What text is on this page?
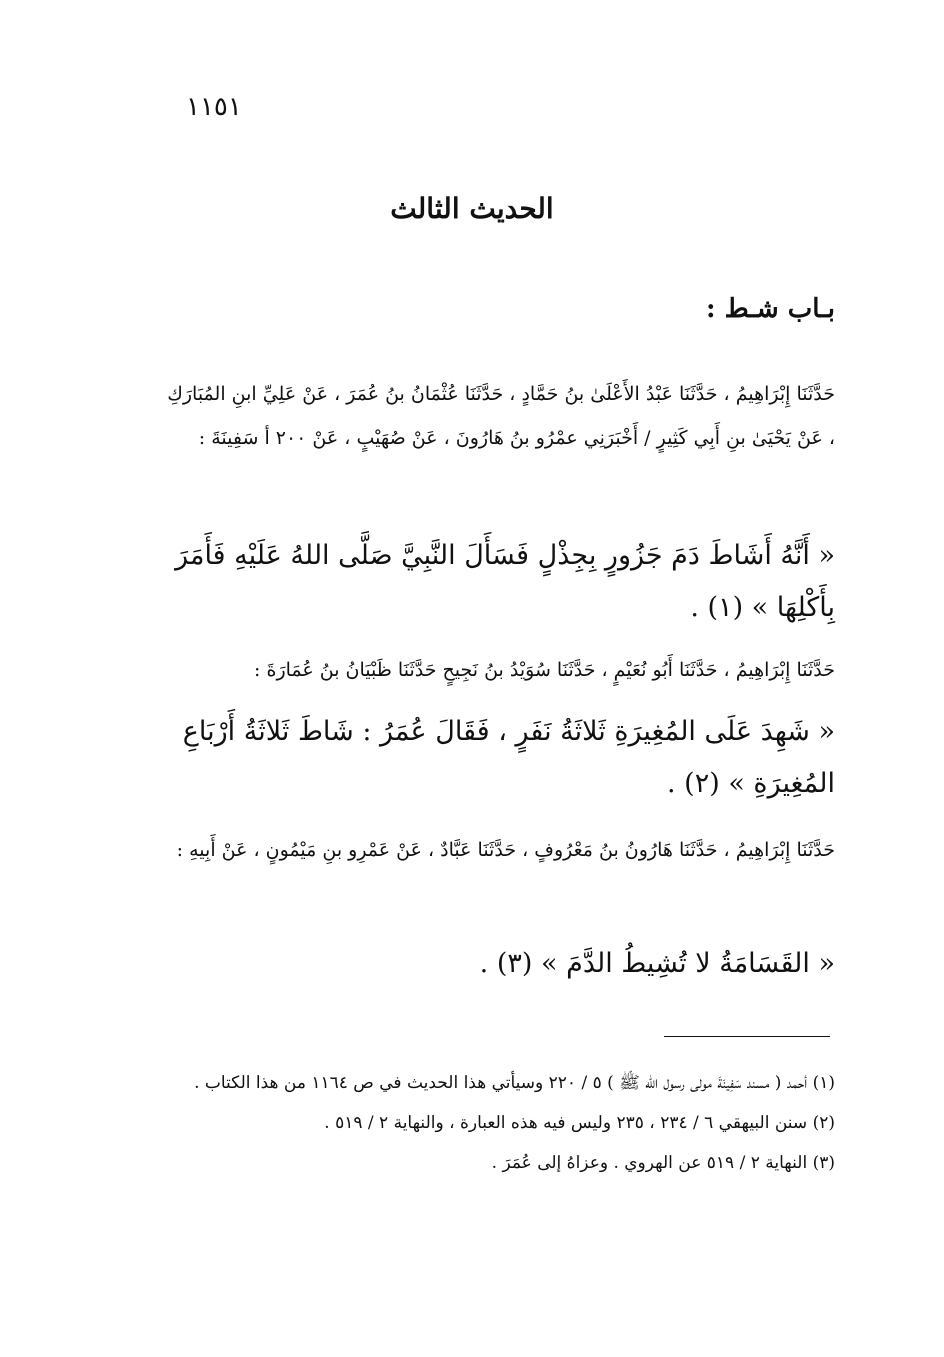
١١٥١
الحديث الثالث

بـاب شـط :

حَدَّثَنَا إِبْرَاهِيمُ ، حَدَّثَنَا عَبْدُ الأَعْلَىٰ بنُ حَمَّادٍ ، حَدَّثَنَا عُثْمَانُ بنُ عُمَرَ ، عَنْ عَلِيِّ ابنِ المُبَارَكِ ، عَنْ يَحْيَىٰ بنِ أَبِي كَثِيرٍ / أَخْبَرَنِي عمْرُو بنُ هَارُونَ ، عَنْ صُهَيْبٍ ، عَنْ ٢٠٠ أ سَفِينَةَ :

« أَنَّهُ أَشَاطَ دَمَ جَزُورٍ بِجِذْلٍ فَسَأَلَ النَّبِيَّ صَلَّى اللهُ عَلَيْهِ فَأَمَرَ بِأَكْلِهَا » (١) .

حَدَّثَنَا إِبْرَاهِيمُ ، حَدَّثَنَا أَبُو نُعَيْمٍ ، حَدَّثَنَا سُوَيْدُ بنُ نَجِيحٍ حَدَّثَنَا ظَبْيَانُ بنُ عُمَارَةَ :

« شَهِدَ عَلَى المُغِيرَةِ ثَلاثَةُ نَفَرٍ ، فَقَالَ عُمَرُ : شَاطَ ثَلاثَةُ أَرْبَاعِ المُغِيرَةِ » (٢) .

حَدَّثَنَا إِبْرَاهِيمُ ، حَدَّثَنَا هَارُونُ بنُ مَعْرُوفٍ ، حَدَّثَنَا عَبَّادٌ ، عَنْ عَمْرِو بنِ مَيْمُونٍ ، عَنْ أَبِيهِ :

« القَسَامَةُ لا تُشِيطُ الدَّمَ » (٣) .

(١) أحمد ( مسند سَفِينَةَ مولى رسول الله ﷺ ) ٥ / ٢٢٠ وسيأتي هذا الحديث في ص ١١٦٤ من هذا الكتاب .

(٢) سنن البيهقي ٦ / ٢٣٤ ، ٢٣٥ وليس فيه هذه العبارة ، والنهاية ٢ / ٥١٩ .

(٣) النهاية ٢ / ٥١٩ عن الهروي . وعزاهُ إلى عُمَرَ .
